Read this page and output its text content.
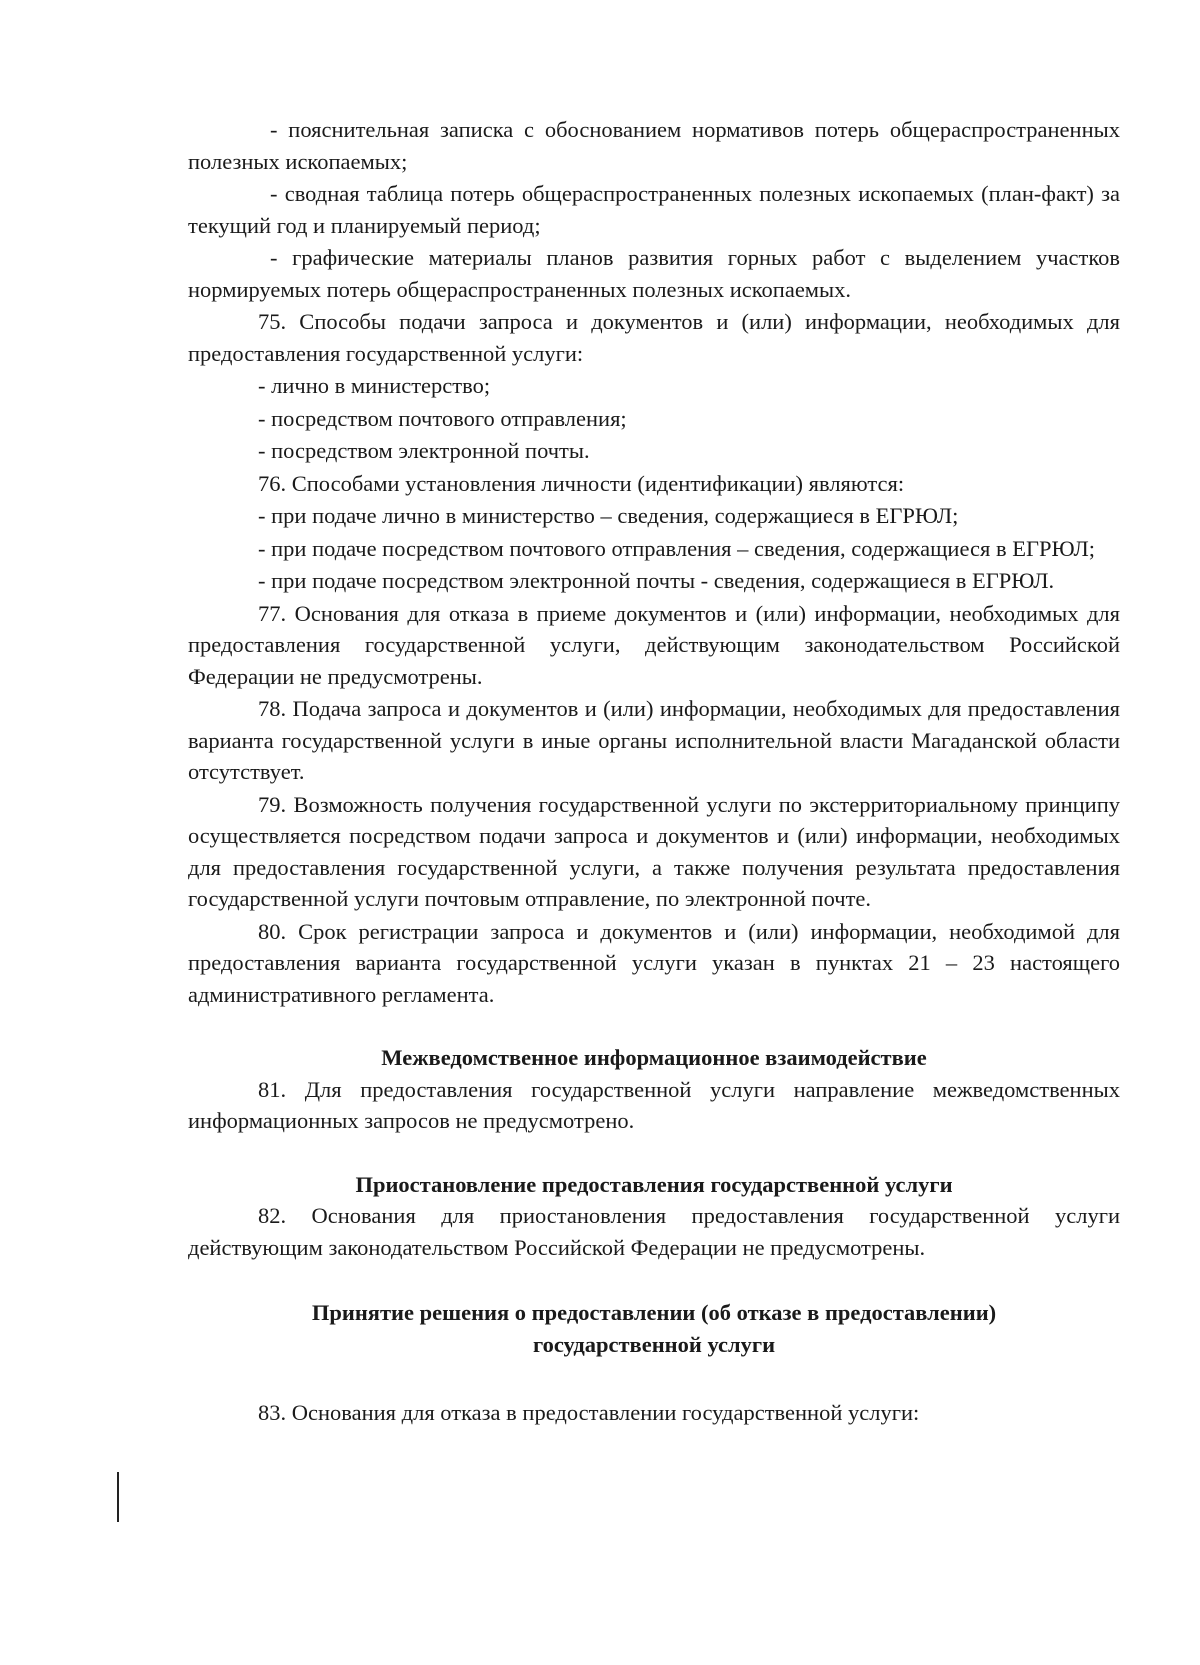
- пояснительная записка с обоснованием нормативов потерь общераспространенных полезных ископаемых;

- сводная таблица потерь общераспространенных полезных ископаемых (план-факт) за текущий год и планируемый период;

- графические материалы планов развития горных работ с выделением участков нормируемых потерь общераспространенных полезных ископаемых.

75. Способы подачи запроса и документов и (или) информации, необходимых для предоставления государственной услуги:

- лично в министерство;

- посредством почтового отправления;

- посредством электронной почты.

76. Способами установления личности (идентификации) являются:

- при подаче лично в министерство – сведения, содержащиеся в ЕГРЮЛ;

- при подаче посредством почтового отправления – сведения, содержащиеся в ЕГРЮЛ;

- при подаче посредством электронной почты - сведения, содержащиеся в ЕГРЮЛ.

77. Основания для отказа в приеме документов и (или) информации, необходимых для предоставления государственной услуги, действующим законодательством Российской Федерации не предусмотрены.

78. Подача запроса и документов и (или) информации, необходимых для предоставления варианта государственной услуги в иные органы исполнительной власти Магаданской области отсутствует.

79. Возможность получения государственной услуги по экстерриториальному принципу осуществляется посредством подачи запроса и документов и (или) информации, необходимых для предоставления государственной услуги, а также получения результата предоставления государственной услуги почтовым отправление, по электронной почте.

80. Срок регистрации запроса и документов и (или) информации, необходимой для предоставления варианта государственной услуги указан в пунктах 21 – 23 настоящего административного регламента.

Межведомственное информационное взаимодействие

81. Для предоставления государственной услуги направление межведомственных информационных запросов не предусмотрено.

Приостановление предоставления государственной услуги

82. Основания для приостановления предоставления государственной услуги действующим законодательством Российской Федерации не предусмотрены.

Принятие решения о предоставлении (об отказе в предоставлении)

государственной услуги

83. Основания для отказа в предоставлении государственной услуги:
